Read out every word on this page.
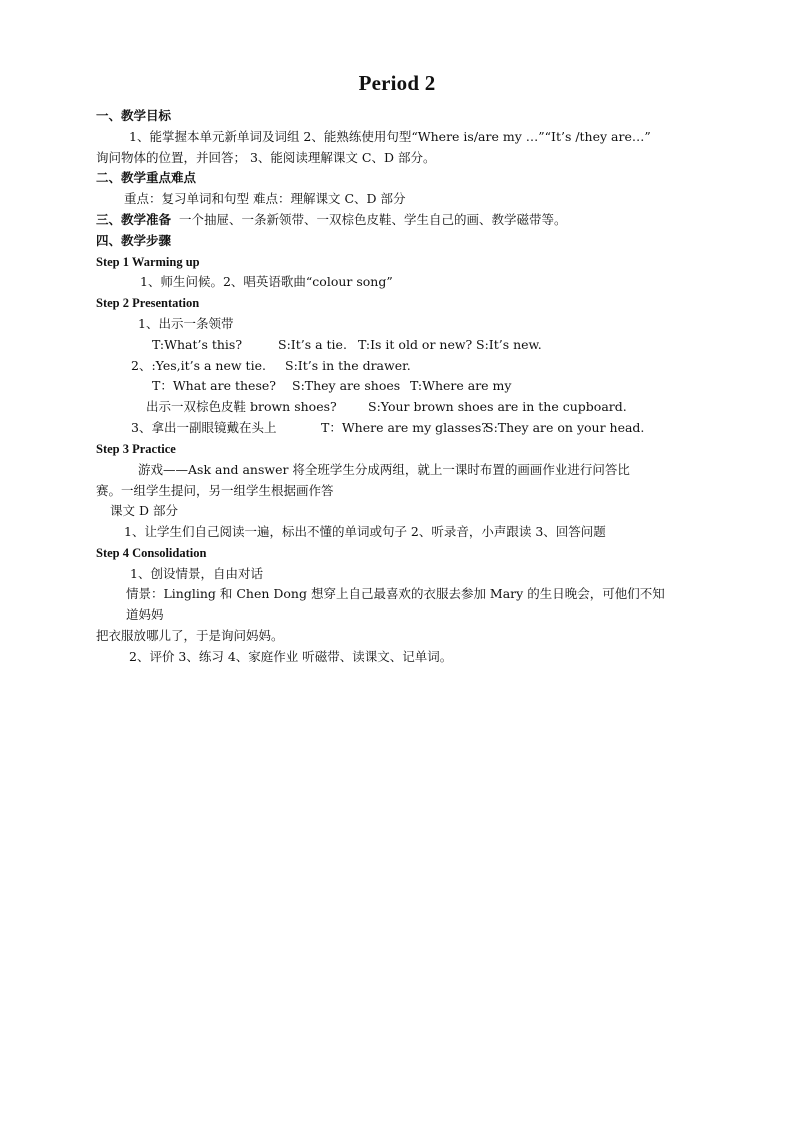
Period 2
一、教学目标
1、能掌握本单元新单词及词组 2、能熟练使用句型“Where is/are my …”“It’s /they are…”
询问物体的位置，并回答； 3、能阅读理解课文 C、D 部分。
二、教学重点难点
重点：复习单词和句型 难点：理解课文 C、D 部分
三、教学准备 一个抽屉、一条新领带、一双棕色皮鞋、学生自己的画、教学磁带等。
四、教学步骤
Step 1 Warming up
1、师生问候。2、唱英语歌曲“colour song”
Step 2 Presentation
1、出示一条领带
T:What’s this?	S:It’s a tie. T:Is it old or new? S:It’s new.
2、:Yes,it’s a new tie. S:It’s in the drawer.
T：What are these? S:They are shoes T:Where are my
出示一双棕色皮鞋 brown shoes?	S:Your brown shoes are in the cupboard.
3、拿出一副眼镜戴在头上	T：Where are my glasses?
S:They are on your head.
Step 3 Practice
游戏——Ask and answer 将全班学生分成两组，就上一课时布置的画画作业进行问答比
赛。一组学生提问，另一组学生根据画作答
课文 D 部分
1、让学生们自己阅读一遍，标出不懂的单词或句子 2、听录音，小声跟读 3、回答问题
Step 4 Consolidation
1、创设情景，自由对话
情景：Lingling 和 Chen Dong 想穿上自己最喜欢的衣服去参加 Mary 的生日晚会，可他们不知
道妈妈
把衣服放哪儿了，于是询问妈妈。
2、评价 3、练习 4、家庭作业 听磁带、读课文、记单词。
